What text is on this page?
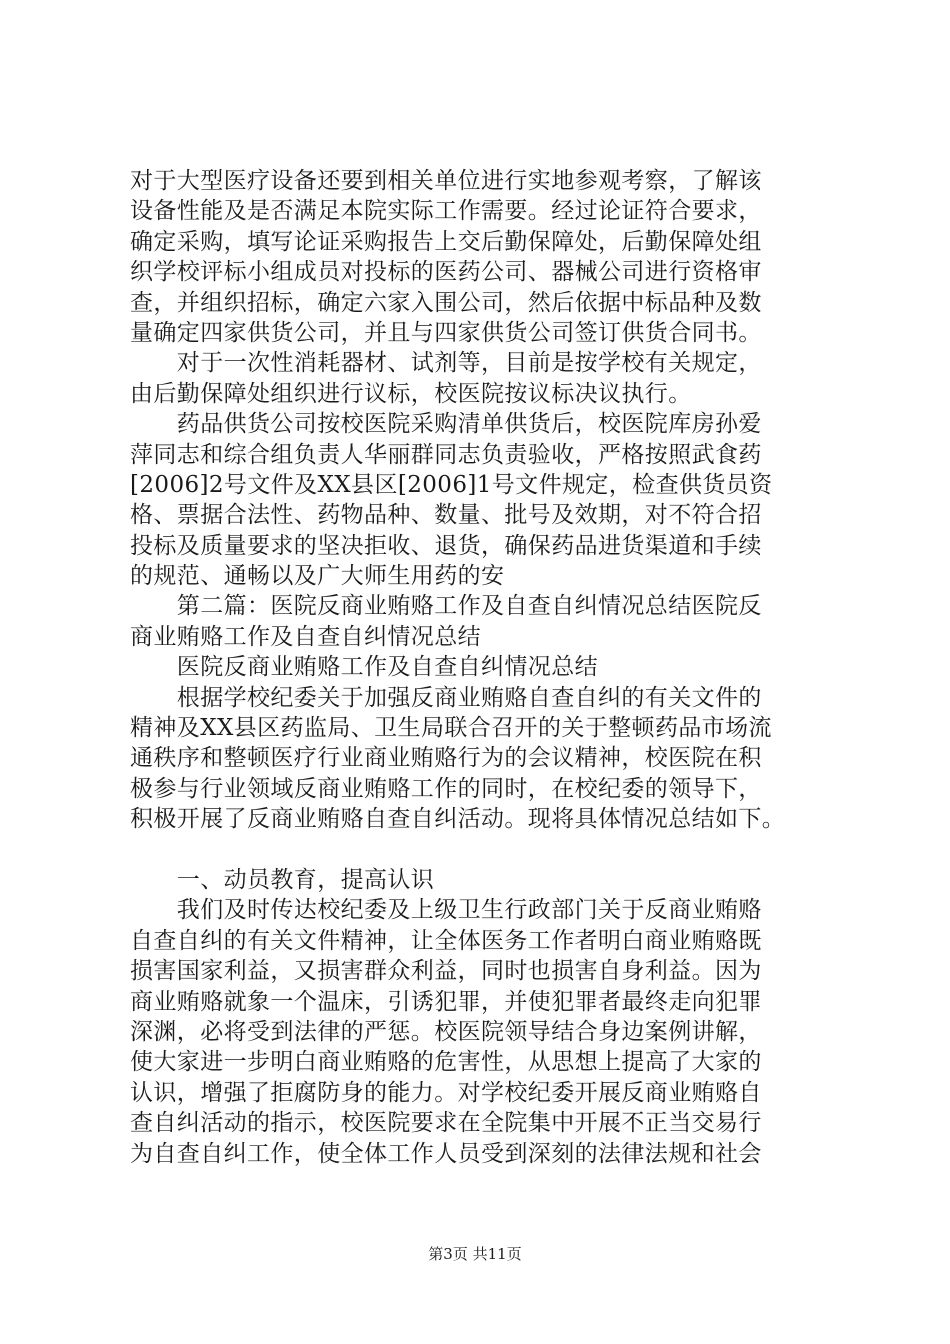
对于大型医疗设备还要到相关单位进行实地参观考察，了解该
设备性能及是否满足本院实际工作需要。经过论证符合要求，
确定采购，填写论证采购报告上交后勤保障处，后勤保障处组
织学校评标小组成员对投标的医药公司、器械公司进行资格审
查，并组织招标，确定六家入围公司，然后依据中标品种及数
量确定四家供货公司，并且与四家供货公司签订供货合同书。
　　对于一次性消耗器材、试剂等，目前是按学校有关规定，
由后勤保障处组织进行议标，校医院按议标决议执行。
　　药品供货公司按校医院采购清单供货后，校医院库房孙爱
萍同志和综合组负责人华丽群同志负责验收，严格按照武食药
[2006]2号文件及XX县区[2006]1号文件规定，检查供货员资
格、票据合法性、药物品种、数量、批号及效期，对不符合招
投标及质量要求的坚决拒收、退货，确保药品进货渠道和手续
的规范、通畅以及广大师生用药的安
　　第二篇：医院反商业贿赂工作及自查自纠情况总结医院反
商业贿赂工作及自查自纠情况总结
　　医院反商业贿赂工作及自查自纠情况总结
　　根据学校纪委关于加强反商业贿赂自查自纠的有关文件的
精神及XX县区药监局、卫生局联合召开的关于整顿药品市场流
通秩序和整顿医疗行业商业贿赂行为的会议精神，校医院在积
极参与行业领域反商业贿赂工作的同时，在校纪委的领导下，
积极开展了反商业贿赂自查自纠活动。现将具体情况总结如下。
　　一、动员教育，提高认识
　　我们及时传达校纪委及上级卫生行政部门关于反商业贿赂
自查自纠的有关文件精神，让全体医务工作者明白商业贿赂既
损害国家利益，又损害群众利益，同时也损害自身利益。因为
商业贿赂就象一个温床，引诱犯罪，并使犯罪者最终走向犯罪
深渊，必将受到法律的严惩。校医院领导结合身边案例讲解，
使大家进一步明白商业贿赂的危害性，从思想上提高了大家的
认识，增强了拒腐防身的能力。对学校纪委开展反商业贿赂自
查自纠活动的指示，校医院要求在全院集中开展不正当交易行
为自查自纠工作，使全体工作人员受到深刻的法律法规和社会
第3页 共11页
